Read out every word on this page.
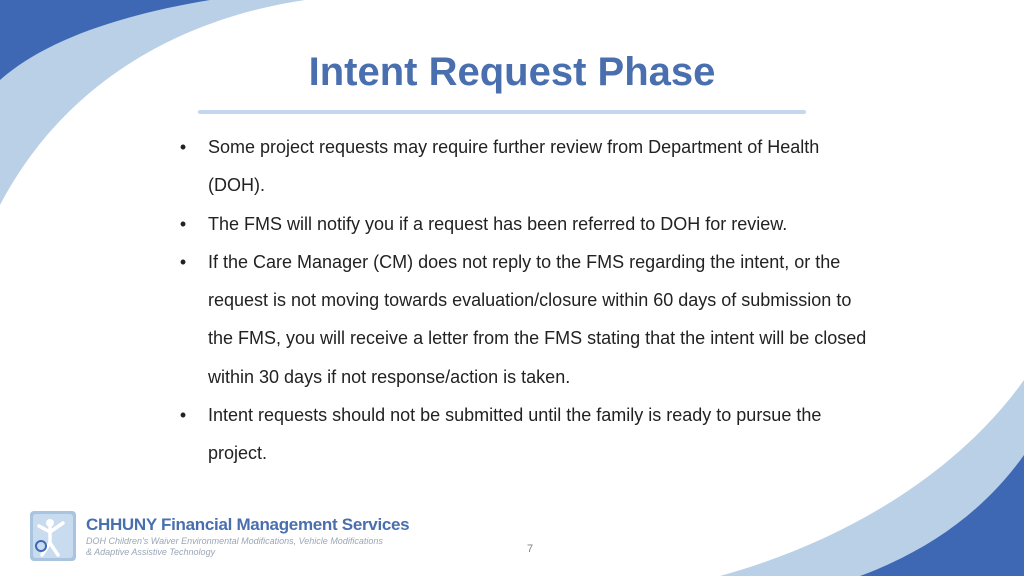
Intent Request Phase
• Some project requests may require further review from Department of Health (DOH).
• The FMS will notify you if a request has been referred to DOH for review.
• If the Care Manager (CM) does not reply to the FMS regarding the intent, or the request is not moving towards evaluation/closure within 60 days of submission to the FMS, you will receive a letter from the FMS stating that the intent will be closed within 30 days if not response/action is taken.
• Intent requests should not be submitted until the family is ready to pursue the project.
CHHUNY Financial Management Services
DOH Children's Waiver Environmental Modifications, Vehicle Modifications
& Adaptive Assistive Technology	7
